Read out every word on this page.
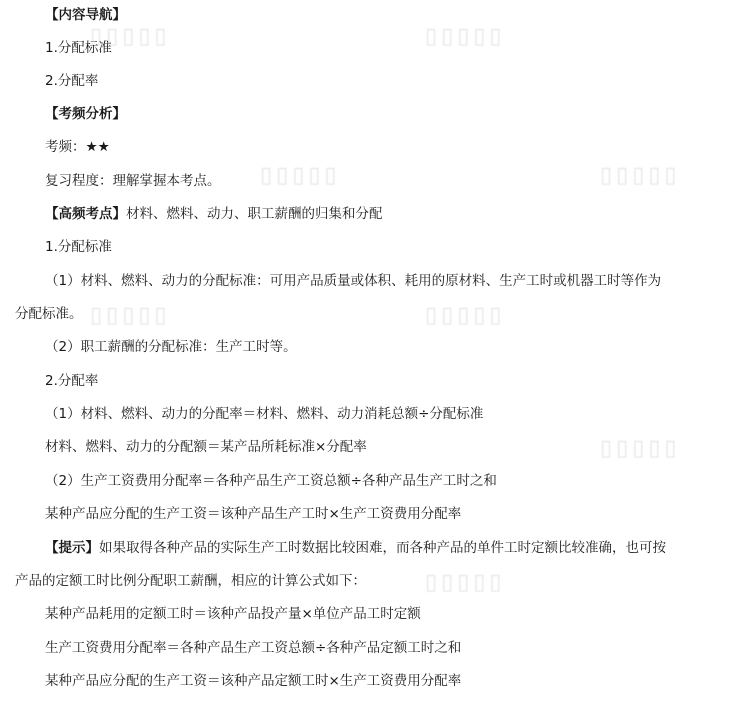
▯▯▯▯▯	▯▯▯▯▯
▯▯▯▯▯	▯▯▯▯▯
▯▯▯▯▯	▯▯▯▯▯
▯▯▯▯▯
▯▯▯▯▯
【内容导航】
1.分配标准
2.分配率
【考频分析】
考频：★★
复习程度：理解掌握本考点。
【高频考点】材料、燃料、动力、职工薪酬的归集和分配
1.分配标准
（1）材料、燃料、动力的分配标准：可用产品质量或体积、耗用的原材料、生产工时或机器工时等作为
分配标准。
（2）职工薪酬的分配标准：生产工时等。
2.分配率
（1）材料、燃料、动力的分配率＝材料、燃料、动力消耗总额÷分配标准
材料、燃料、动力的分配额＝某产品所耗标准×分配率
（2）生产工资费用分配率＝各种产品生产工资总额÷各种产品生产工时之和
某种产品应分配的生产工资＝该种产品生产工时×生产工资费用分配率
【提示】如果取得各种产品的实际生产工时数据比较困难，而各种产品的单件工时定额比较准确，也可按
产品的定额工时比例分配职工薪酬，相应的计算公式如下：
某种产品耗用的定额工时＝该种产品投产量×单位产品工时定额
生产工资费用分配率＝各种产品生产工资总额÷各种产品定额工时之和
某种产品应分配的生产工资＝该种产品定额工时×生产工资费用分配率
